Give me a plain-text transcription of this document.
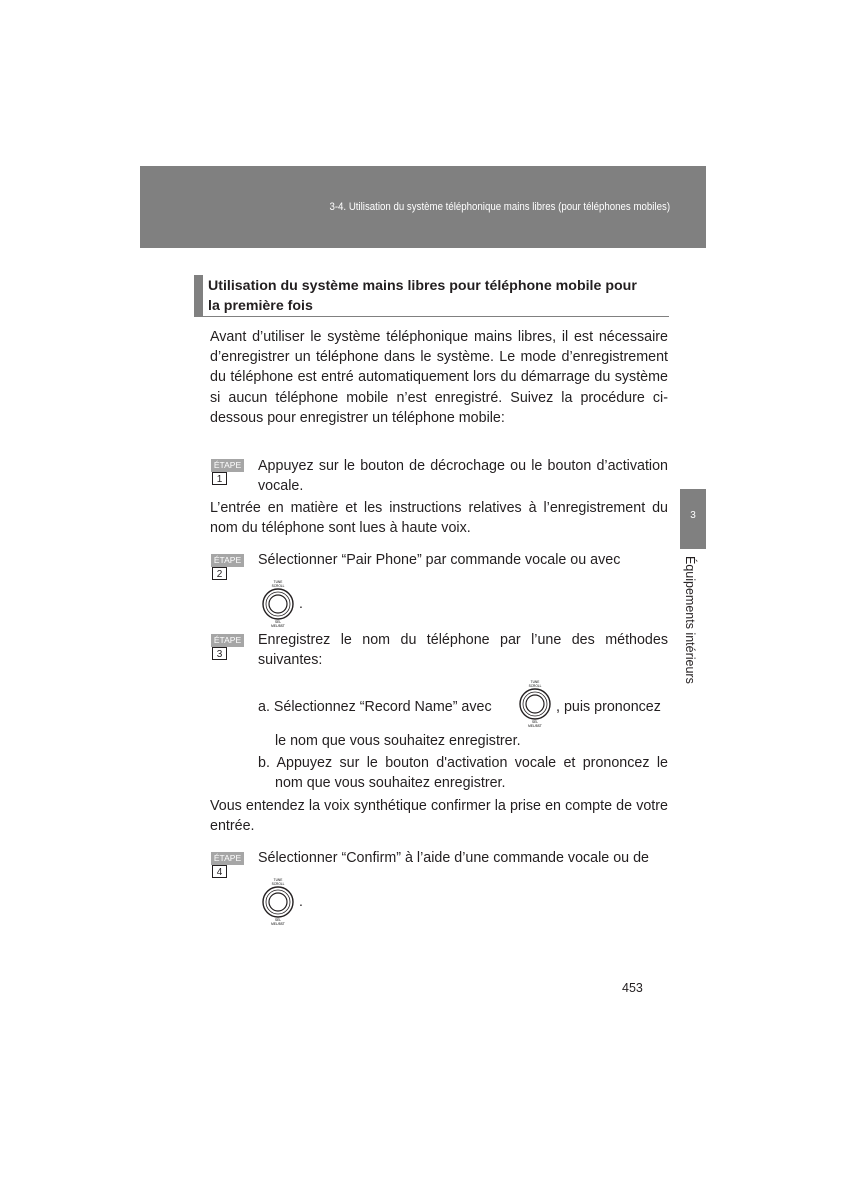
3-4. Utilisation du système téléphonique mains libres (pour téléphones mobiles)
3
Équipements intérieurs
Utilisation du système mains libres pour téléphone mobile pour
la première fois
Avant d’utiliser le système téléphonique mains libres, il est nécessaire d’enregistrer un téléphone dans le système. Le mode d’enregistrement du téléphone est entré automatiquement lors du démarrage du système si aucun téléphone mobile n’est enregistré. Suivez la procédure ci-dessous pour enregistrer un téléphone mobile:
ÉTAPE1
Appuyez sur le bouton de décrochage ou le bouton d’activation vocale.
L’entrée en matière et les instructions relatives à l’enregistrement du nom du téléphone sont lues à haute voix.
ÉTAPE2
Sélectionner “Pair Phone” par commande vocale ou avec
TUNE
SCROLL
SEL
MEL/BST
.
ÉTAPE3
Enregistrez le nom du téléphone par l’une des méthodes suivantes:
a. Sélectionnez “Record Name” avec
TUNE
SCROLL
SEL
MEL/BST
, puis prononcez
le nom que vous souhaitez enregistrer.
b. Appuyez sur le bouton d'activation vocale et prononcez le
nom que vous souhaitez enregistrer.
Vous entendez la voix synthétique confirmer la prise en compte de votre entrée.
ÉTAPE4
Sélectionner “Confirm” à l’aide d’une commande vocale ou de
TUNE
SCROLL
SEL
MEL/BST
.
453
